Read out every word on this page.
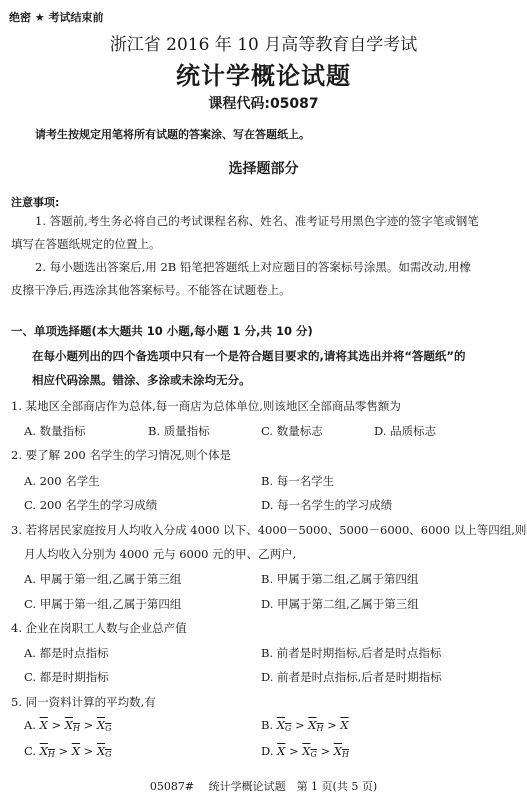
绝密 ★ 考试结束前
浙江省 2016 年 10 月高等教育自学考试
统计学概论试题
课程代码:05087
请考生按规定用笔将所有试题的答案涂、写在答题纸上。
选择题部分
注意事项:
1. 答题前,考生务必将自己的考试课程名称、姓名、准考证号用黑色字迹的签字笔或钢笔
填写在答题纸规定的位置上。
2. 每小题选出答案后,用 2B 铅笔把答题纸上对应题目的答案标号涂黑。如需改动,用橡
皮擦干净后,再选涂其他答案标号。不能答在试题卷上。
一、单项选择题(本大题共 10 小题,每小题 1 分,共 10 分)
在每小题列出的四个备选项中只有一个是符合题目要求的,请将其选出并将“答题纸”的
相应代码涂黑。错涂、多涂或未涂均无分。
1. 某地区全部商店作为总体,每一商店为总体单位,则该地区全部商品零售额为
A. 数量指标	B. 质量指标	C. 数量标志	D. 品质标志
2. 要了解 200 名学生的学习情况,则个体是
A. 200 名学生	B. 每一名学生
C. 200 名学生的学习成绩	D. 每一名学生的学习成绩
3. 若将居民家庭按月人均收入分成 4000 以下、4000－5000、5000－6000、6000 以上等四组,则
月人均收入分别为 4000 元与 6000 元的甲、乙两户,
A. 甲属于第一组,乙属于第三组	B. 甲属于第二组,乙属于第四组
C. 甲属于第一组,乙属于第四组	D. 甲属于第二组,乙属于第三组
4. 企业在岗职工人数与企业总产值
A. 都是时点指标	B. 前者是时期指标,后者是时点指标
C. 都是时期指标	D. 前者是时点指标,后者是时期指标
5. 同一资料计算的平均数,有
A. $\overline{X} > X_H > X_G$	B. $X_G > X_H > \overline{X}$
C. $X_H > \overline{X} > X_G$	D. $\overline{X} > X_G > X_H$
05087#　 统计学概论试题　第 1 页(共 5 页)
